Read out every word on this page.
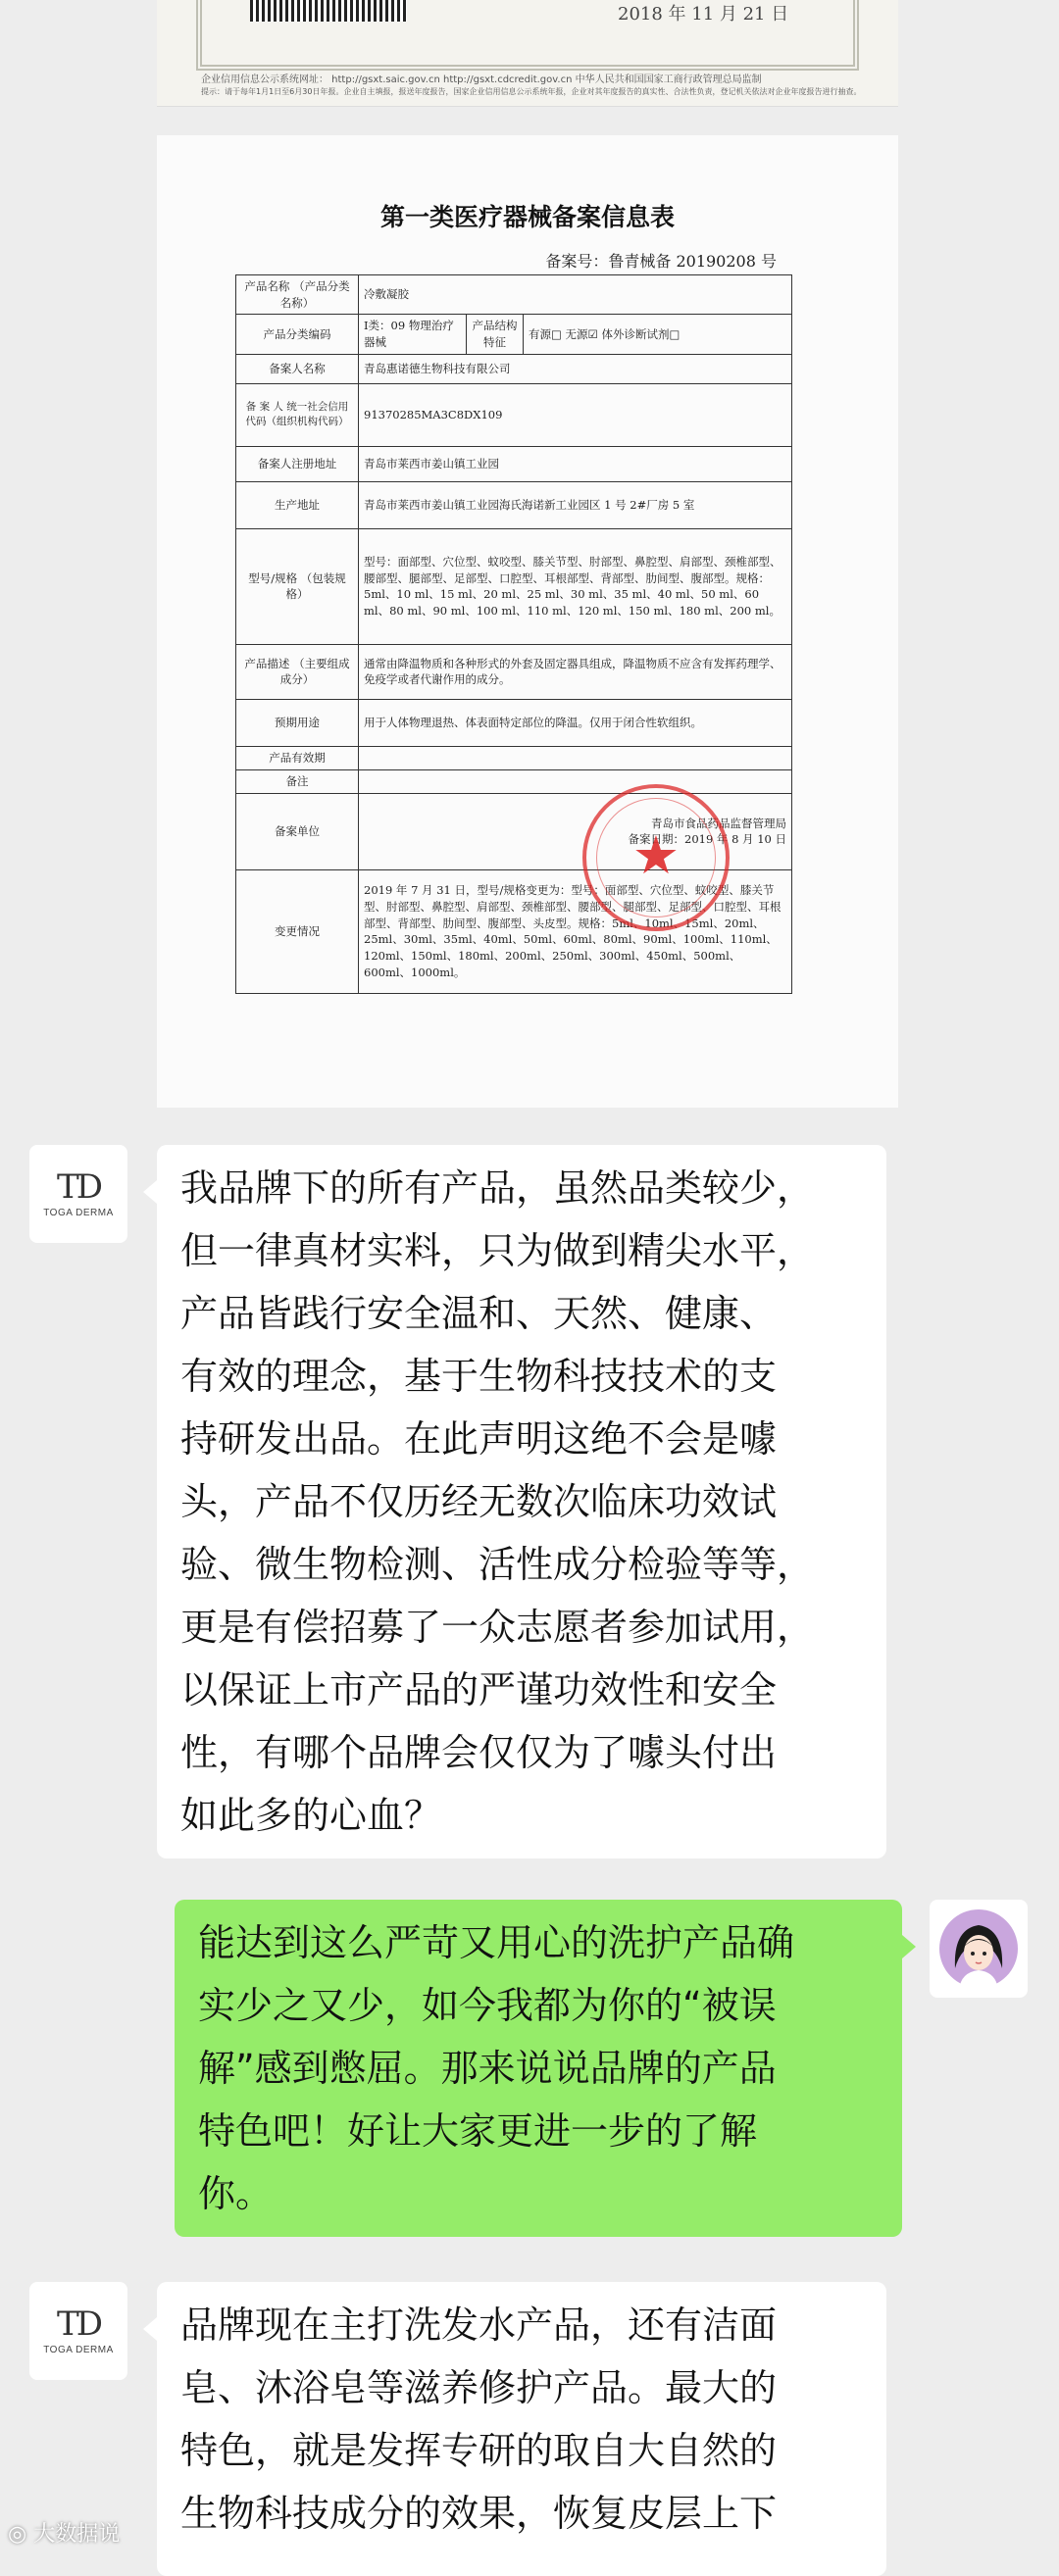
2018 年 11 月 21 日
企业信用信息公示系统网址： http://gsxt.saic.gov.cn http://gsxt.cdcredit.gov.cn 中华人民共和国国家工商行政管理总局监制
提示：请于每年1月1日至6月30日年报。企业自主填报，报送年度报告，国家企业信用信息公示系统年报，企业对其年度报告的真实性、合法性负责，登记机关依法对企业年度报告进行抽查。
第一类医疗器械备案信息表
备案号：鲁青械备 20190208 号
产品名称 （产品分类名称）	冷敷凝胶		
产品分类编码	Ⅰ类：09 物理治疗器械	产品结构特征	有源□ 无源☑ 体外诊断试剂□
备案人名称	青岛惠诺德生物科技有限公司		
备 案 人 统一社会信用代码（组织机构代码）	91370285MA3C8DX109		
备案人注册地址	青岛市莱西市姜山镇工业园		
生产地址	青岛市莱西市姜山镇工业园海氏海诺新工业园区 1 号 2#厂房 5 室		
型号/规格 （包装规格）	型号：面部型、穴位型、蚊咬型、膝关节型、肘部型、鼻腔型、肩部型、颈椎部型、腰部型、腿部型、足部型、口腔型、耳根部型、背部型、肋间型、腹部型。规格：5ml、10 ml、15 ml、20 ml、25 ml、30 ml、35 ml、40 ml、50 ml、60 ml、80 ml、90 ml、100 ml、110 ml、120 ml、150 ml、180 ml、200 ml。		
产品描述 （主要组成成分）	通常由降温物质和各种形式的外套及固定器具组成，降温物质不应含有发挥药理学、免疫学或者代谢作用的成分。		
预期用途	用于人体物理退热、体表面特定部位的降温。仅用于闭合性软组织。		
产品有效期			
备注			
备案单位	青岛市食品药品监督管理局
备案日期：2019 年 8 月 10 日		
变更情况	2019 年 7 月 31 日，型号/规格变更为：型号：面部型、穴位型、蚊咬型、膝关节型、肘部型、鼻腔型、肩部型、颈椎部型、腰部型、腿部型、足部型、口腔型、耳根部型、背部型、肋间型、腹部型、头皮型。规格：5ml、10ml、15ml、20ml、25ml、30ml、35ml、40ml、50ml、60ml、80ml、90ml、100ml、110ml、120ml、150ml、180ml、200ml、250ml、300ml、450ml、500ml、600ml、1000ml。		
★
TD
TOGA DERMA
我品牌下的所有产品，虽然品类较少，
但一律真材实料，只为做到精尖水平，
产品皆践行安全温和、天然、健康、
有效的理念，基于生物科技技术的支
持研发出品。在此声明这绝不会是噱
头，产品不仅历经无数次临床功效试
验、微生物检测、活性成分检验等等，
更是有偿招募了一众志愿者参加试用，
以保证上市产品的严谨功效性和安全
性，有哪个品牌会仅仅为了噱头付出
如此多的心血？
能达到这么严苛又用心的洗护产品确
实少之又少，如今我都为你的“被误
解”感到憋屈。那来说说品牌的产品
特色吧！好让大家更进一步的了解
你。
TD
TOGA DERMA
品牌现在主打洗发水产品，还有洁面
皂、沐浴皂等滋养修护产品。最大的
特色，就是发挥专研的取自大自然的
生物科技成分的效果，恢复皮层上下
◎ 大数据说
